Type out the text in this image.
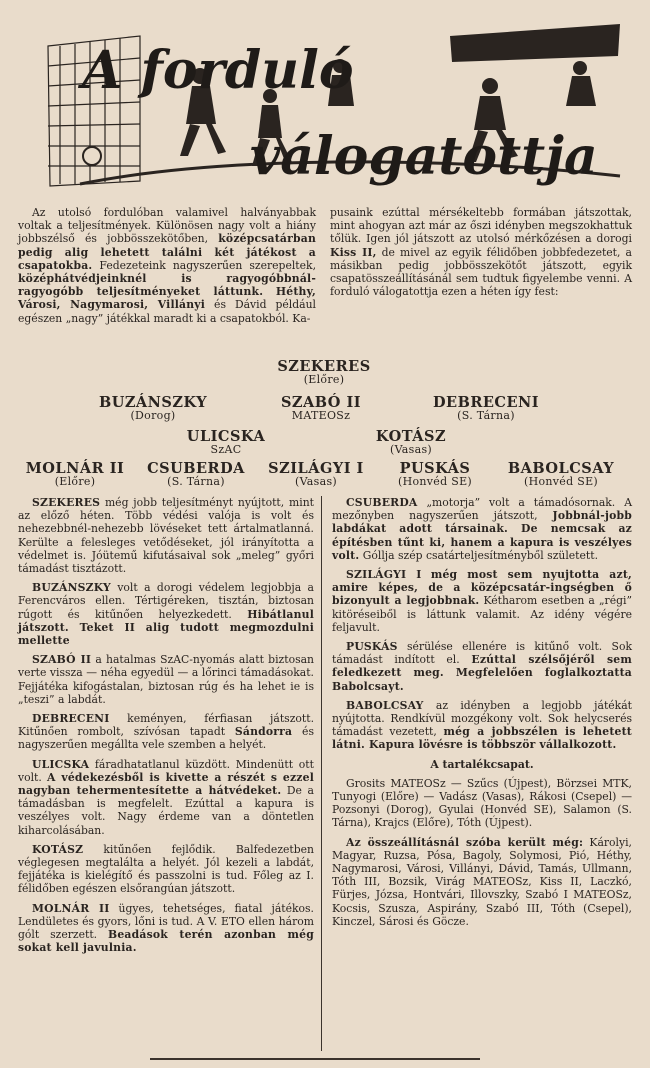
A forduló
válogatottja

Az utolsó fordulóban valamivel halványabbak voltak a teljesítmények. Különösen nagy volt a hiány jobbszélső és jobbösszekötőben, középcsatárban pedig alig lehetett találni két játékost a csapatokba. Fedezeteink nagyszerűen szerepeltek, középhátvédjeinknél is ragyogóbbnál-ragyogóbb teljesítményeket láttunk. Héthy, Városi, Nagymarosi, Villányi és Dávid például egészen „nagy” játékkal maradt ki a csapatokból. Ka-

pusaink ezúttal mérsékeltebb formában játszottak, mint ahogyan azt már az őszi idényben megszokhattuk tőlük. Igen jól játszott az utolsó mérkőzésen a dorogi Kiss II, de mivel az egyik félidőben jobbfedezetet, a másikban pedig jobbösszekötőt játszott, egyik csapatösszeállításánál sem tudtuk figyelembe venni. A forduló válogatottja ezen a héten így fest:

SZEKERES
(Előre)
BUZÁNSZKY
(Dorog)
SZABÓ II
MATEOSz
DEBRECENI
(S. Tárna)
ULICSKA
SzAC
KOTÁSZ
(Vasas)
MOLNÁR II
(Előre)
CSUBERDA
(S. Tárna)
SZILÁGYI I
(Vasas)
PUSKÁS
(Honvéd SE)
BABOLCSAY
(Honvéd SE)

SZEKERES még jobb teljesítményt nyújtott, mint az előző héten. Több védési valója is volt és nehezebbnél-nehezebb lövéseket tett ártalmatlanná. Kerülte a felesleges vetődéseket, jól irányította a védelmet is. Jóütemű kifutásaival sok „meleg” győri támadást tisztázott.

BUZÁNSZKY volt a dorogi védelem legjobbja a Ferencváros ellen. Tértigéreken, tisztán, biztosan rúgott és kitűnően helyezkedett. Hibátlanul játszott. Teket II alig tudott megmozdulni mellette

SZABÓ II a hatalmas SzAC-nyomás alatt biztosan verte vissza — néha egyedül — a lőrinci támadásokat. Fejjátéka kifogástalan, biztosan rúg és ha lehet ie is „teszi” a labdát.

DEBRECENI keményen, férfiasan játszott. Kitűnően rombolt, szívósan tapadt Sándorra és nagyszerűen megállta vele szemben a helyét.

ULICSKA fáradhatatlanul küzdött. Mindenütt ott volt. A védekezésből is kivette a részét s ezzel nagyban tehermentesítette a hátvédeket. De a támadásban is megfelelt. Ezúttal a kapura is veszélyes volt. Nagy érdeme van a döntetlen kiharcolásában.

KOTÁSZ kitűnően fejlődik. Balfedezetben véglegesen megtalálta a helyét. Jól kezeli a labdát, fejjátéka is kielégítő és passzolni is tud. Főleg az I. félidőben egészen elsőrangúan játszott.

MOLNÁR II ügyes, tehetséges, fiatal játékos. Lendületes és gyors, lőni is tud. A V. ETO ellen három gólt szerzett. Beadások terén azonban még sokat kell javulnia.

CSUBERDA „motorja” volt a támadósornak. A mezőnyben nagyszerűen játszott, Jobbnál-jobb labdákat adott társainak. De nemcsak az építésben tűnt ki, hanem a kapura is veszélyes volt. Góllja szép csatárteljesítményből született.

SZILÁGYI I még most sem nyujtotta azt, amire képes, de a középcsatár-ingségben ő bizonyult a legjobbnak. Kétharom esetben a „régi” kitöréseiből is láttunk valamit. Az idény végére feljavult.

PUSKÁS sérülése ellenére is kitűnő volt. Sok támadást indított el. Ezúttal szélsőjéről sem feledkezett meg. Megfelelően foglalkoztatta Babolcsayt.

BABOLCSAY az idényben a legjobb játékát nyújtotta. Rendkívül mozgékony volt. Sok helycserés támadást vezetett, még a jobbszélen is lehetett látni. Kapura lövésre is többször vállalkozott.

A tartalékcsapat.

Grosits MATEOSz — Szűcs (Újpest), Börzsei MTK, Tunyogi (Előre) — Vadász (Vasas), Rákosi (Csepel) — Pozsonyi (Dorog), Gyulai (Honvéd SE), Salamon (S. Tárna), Krajcs (Előre), Tóth (Újpest).

Az összeállításnál szóba került még: Károlyi, Magyar, Ruzsa, Pósa, Bagoly, Solymosi, Pió, Héthy, Nagymarosi, Városi, Villányi, Dávid, Tamás, Ullmann, Tóth III, Bozsik, Virág MATEOSz, Kiss II, Laczkó, Fürjes, Józsa, Hontvári, Illovszky, Szabó I MATEOSz, Kocsis, Szusza, Aspirány, Szabó III, Tóth (Csepel), Kinczel, Sárosi és Göcze.
